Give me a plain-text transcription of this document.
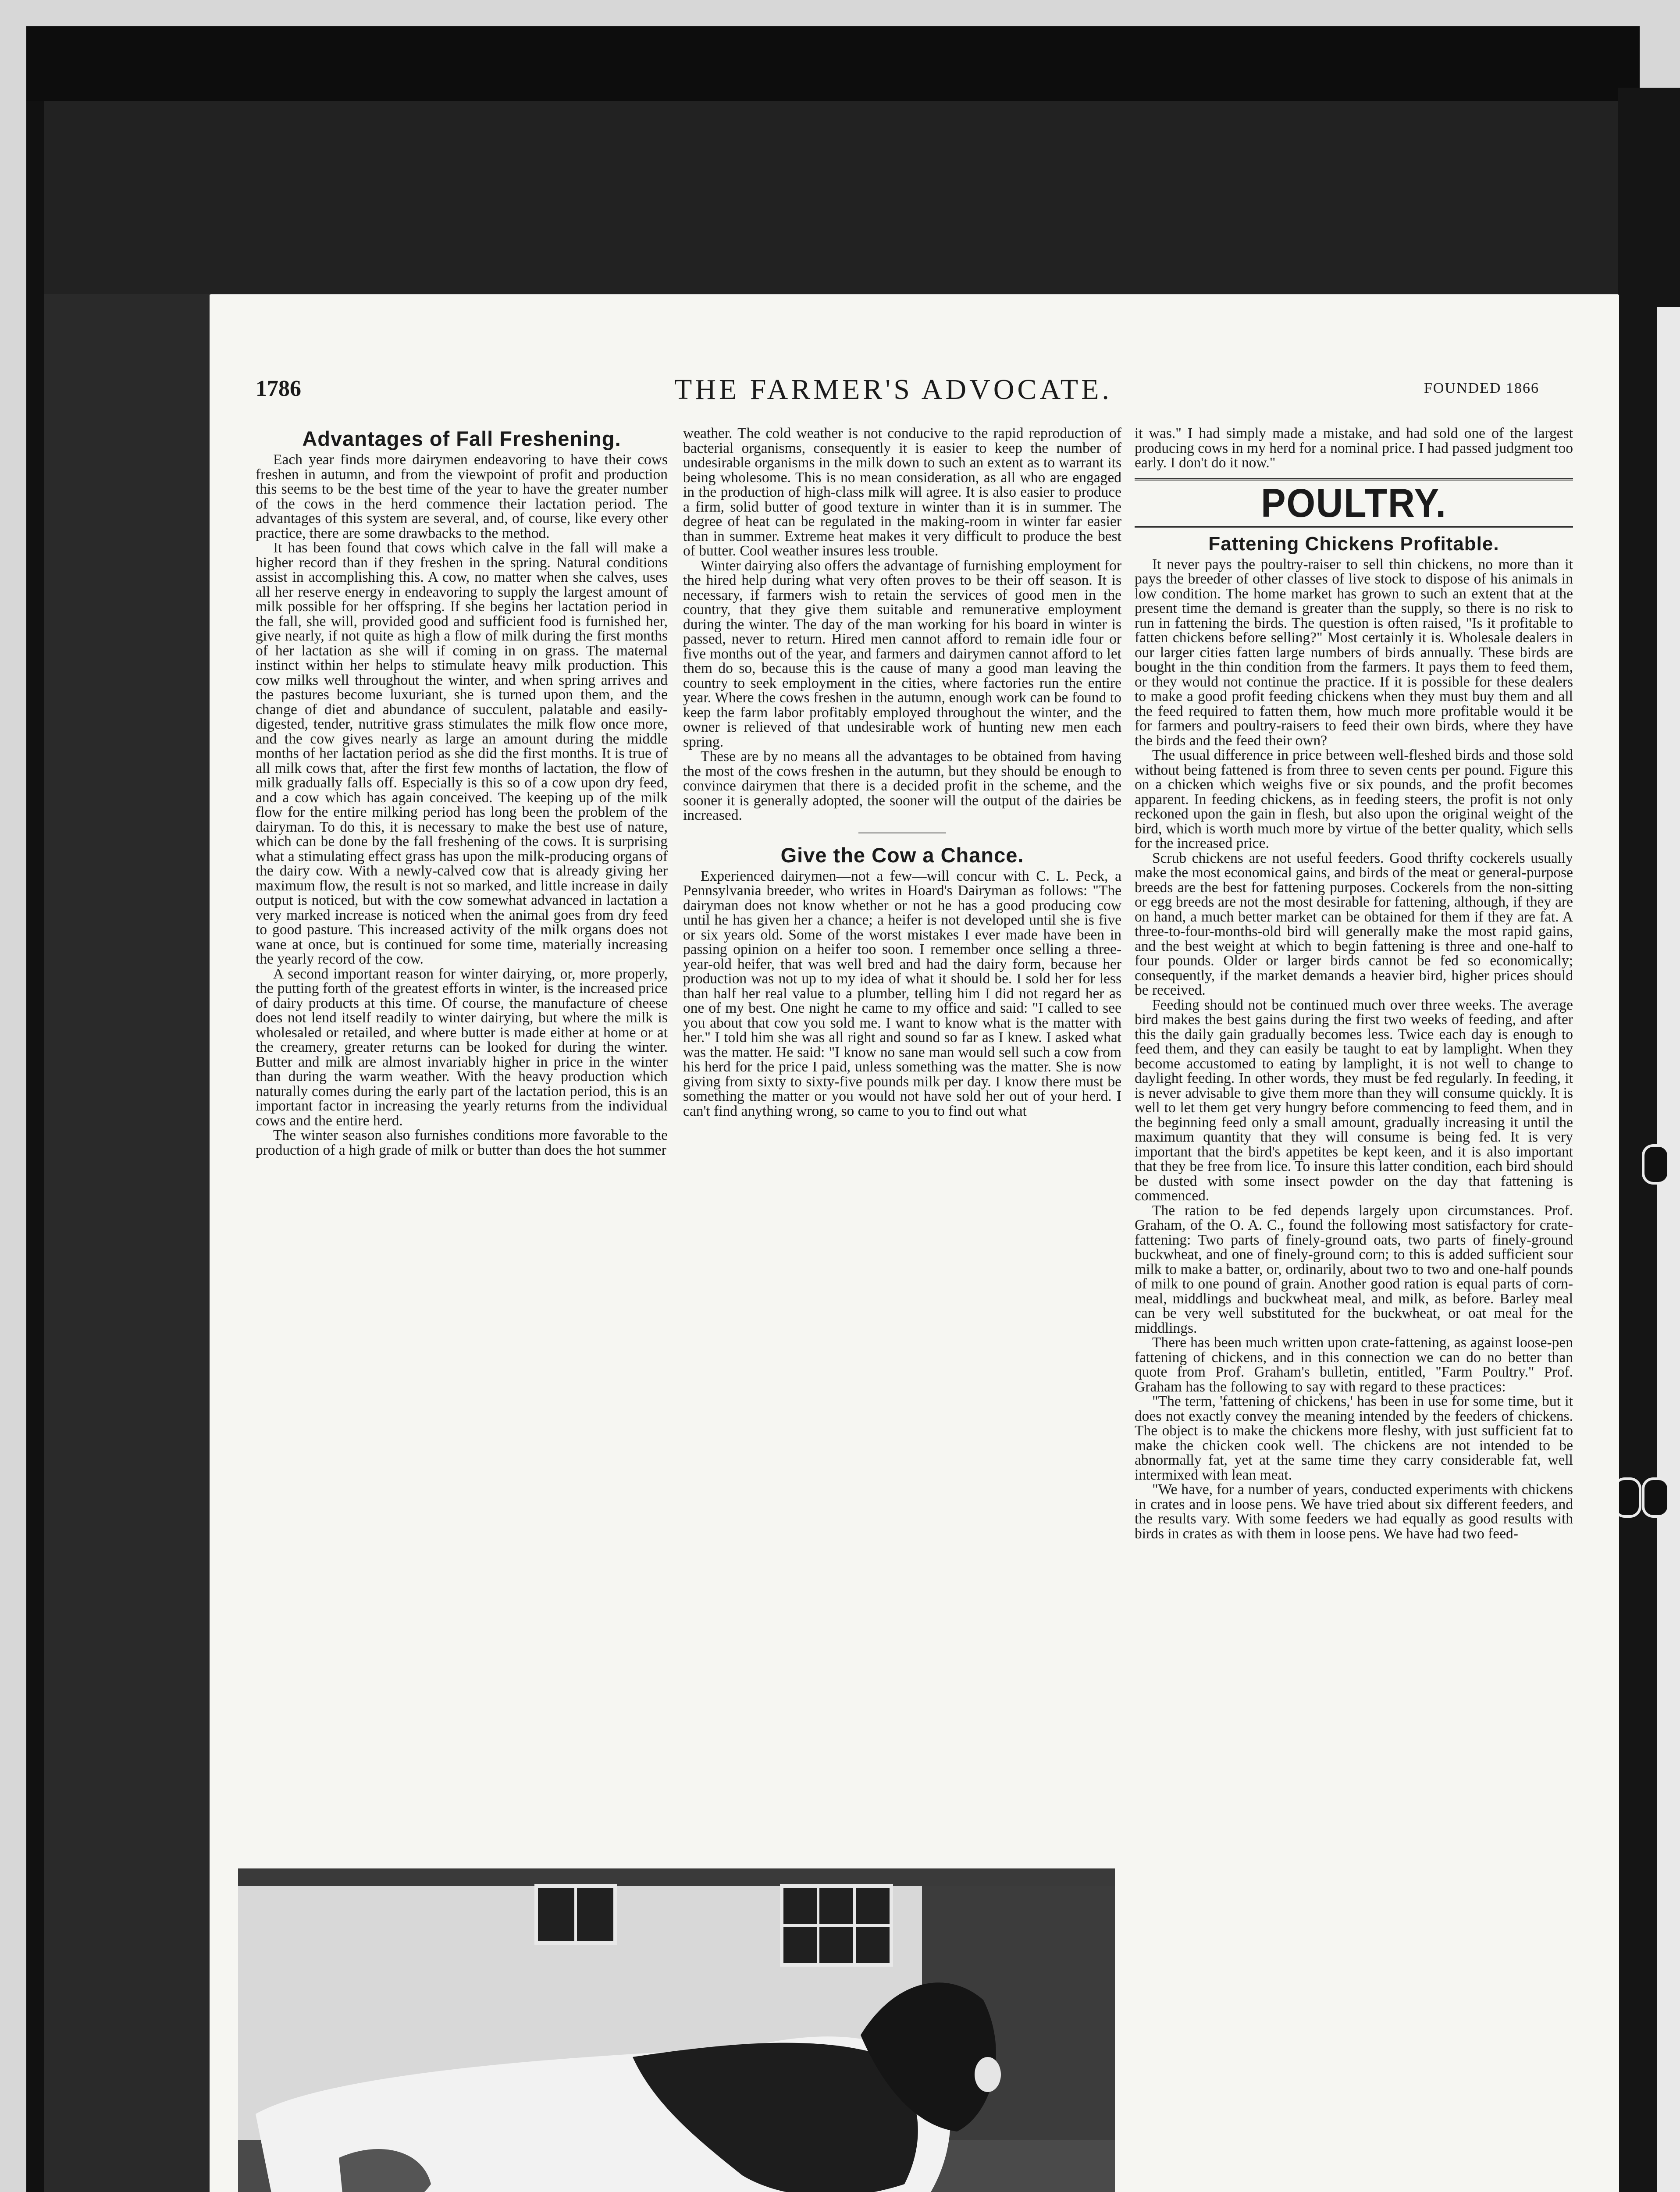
1786	THE FARMER'S ADVOCATE.	FOUNDED 1866
Advantages of Fall Freshening.

Each year finds more dairymen endeavoring to have their cows freshen in autumn, and from the viewpoint of profit and production this seems to be the best time of the year to have the greater number of the cows in the herd commence their lactation period. The advantages of this system are several, and, of course, like every other practice, there are some drawbacks to the method.

It has been found that cows which calve in the fall will make a higher record than if they freshen in the spring. Natural conditions assist in accomplishing this. A cow, no matter when she calves, uses all her reserve energy in endeavoring to supply the largest amount of milk possible for her offspring. If she begins her lactation period in the fall, she will, provided good and sufficient food is furnished her, give nearly, if not quite as high a flow of milk during the first months of her lactation as she will if coming in on grass. The maternal instinct within her helps to stimulate heavy milk production. This cow milks well throughout the winter, and when spring arrives and the pastures become luxuriant, she is turned upon them, and the change of diet and abundance of succulent, palatable and easily-digested, tender, nutritive grass stimulates the milk flow once more, and the cow gives nearly as large an amount during the middle months of her lactation period as she did the first months. It is true of all milk cows that, after the first few months of lactation, the flow of milk gradually falls off. Especially is this so of a cow upon dry feed, and a cow which has again conceived. The keeping up of the milk flow for the entire milking period has long been the problem of the dairyman. To do this, it is necessary to make the best use of nature, which can be done by the fall freshening of the cows. It is surprising what a stimulating effect grass has upon the milk-producing organs of the dairy cow. With a newly-calved cow that is already giving her maximum flow, the result is not so marked, and little increase in daily output is noticed, but with the cow somewhat advanced in lactation a very marked increase is noticed when the animal goes from dry feed to good pasture. This increased activity of the milk organs does not wane at once, but is continued for some time, materially increasing the yearly record of the cow.

A second important reason for winter dairying, or, more properly, the putting forth of the greatest efforts in winter, is the increased price of dairy products at this time. Of course, the manufacture of cheese does not lend itself readily to winter dairying, but where the milk is wholesaled or retailed, and where butter is made either at home or at the creamery, greater returns can be looked for during the winter. Butter and milk are almost invariably higher in price in the winter than during the warm weather. With the heavy production which naturally comes during the early part of the lactation period, this is an important factor in increasing the yearly returns from the individual cows and the entire herd.

The winter season also furnishes conditions more favorable to the production of a high grade of milk or butter than does the hot summer

weather. The cold weather is not conducive to the rapid reproduction of bacterial organisms, consequently it is easier to keep the number of undesirable organisms in the milk down to such an extent as to warrant its being wholesome. This is no mean consideration, as all who are engaged in the production of high-class milk will agree. It is also easier to produce a firm, solid butter of good texture in winter than it is in summer. The degree of heat can be regulated in the making-room in winter far easier than in summer. Extreme heat makes it very difficult to produce the best of butter. Cool weather insures less trouble.

Winter dairying also offers the advantage of furnishing employment for the hired help during what very often proves to be their off season. It is necessary, if farmers wish to retain the services of good men in the country, that they give them suitable and remunerative employment during the winter. The day of the man working for his board in winter is passed, never to return. Hired men cannot afford to remain idle four or five months out of the year, and farmers and dairymen cannot afford to let them do so, because this is the cause of many a good man leaving the country to seek employment in the cities, where factories run the entire year. Where the cows freshen in the autumn, enough work can be found to keep the farm labor profitably employed throughout the winter, and the owner is relieved of that undesirable work of hunting new men each spring.

These are by no means all the advantages to be obtained from having the most of the cows freshen in the autumn, but they should be enough to convince dairymen that there is a decided profit in the scheme, and the sooner it is generally adopted, the sooner will the output of the dairies be increased.

Give the Cow a Chance.

Experienced dairymen—not a few—will concur with C. L. Peck, a Pennsylvania breeder, who writes in Hoard's Dairyman as follows: "The dairyman does not know whether or not he has a good producing cow until he has given her a chance; a heifer is not developed until she is five or six years old. Some of the worst mistakes I ever made have been in passing opinion on a heifer too soon. I remember once selling a three-year-old heifer, that was well bred and had the dairy form, because her production was not up to my idea of what it should be. I sold her for less than half her real value to a plumber, telling him I did not regard her as one of my best. One night he came to my office and said: "I called to see you about that cow you sold me. I want to know what is the matter with her." I told him she was all right and sound so far as I knew. I asked what was the matter. He said: "I know no sane man would sell such a cow from his herd for the price I paid, unless something was the matter. She is now giving from sixty to sixty-five pounds milk per day. I know there must be something the matter or you would not have sold her out of your herd. I can't find anything wrong, so came to you to find out what

it was." I had simply made a mistake, and had sold one of the largest producing cows in my herd for a nominal price. I had passed judgment too early. I don't do it now."

POULTRY.
Fattening Chickens Profitable.

It never pays the poultry-raiser to sell thin chickens, no more than it pays the breeder of other classes of live stock to dispose of his animals in low condition. The home market has grown to such an extent that at the present time the demand is greater than the supply, so there is no risk to run in fattening the birds. The question is often raised, "Is it profitable to fatten chickens before selling?" Most certainly it is. Wholesale dealers in our larger cities fatten large numbers of birds annually. These birds are bought in the thin condition from the farmers. It pays them to feed them, or they would not continue the practice. If it is possible for these dealers to make a good profit feeding chickens when they must buy them and all the feed required to fatten them, how much more profitable would it be for farmers and poultry-raisers to feed their own birds, where they have the birds and the feed their own?

The usual difference in price between well-fleshed birds and those sold without being fattened is from three to seven cents per pound. Figure this on a chicken which weighs five or six pounds, and the profit becomes apparent. In feeding chickens, as in feeding steers, the profit is not only reckoned upon the gain in flesh, but also upon the original weight of the bird, which is worth much more by virtue of the better quality, which sells for the increased price.

Scrub chickens are not useful feeders. Good thrifty cockerels usually make the most economical gains, and birds of the meat or general-purpose breeds are the best for fattening purposes. Cockerels from the non-sitting or egg breeds are not the most desirable for fattening, although, if they are on hand, a much better market can be obtained for them if they are fat. A three-to-four-months-old bird will generally make the most rapid gains, and the best weight at which to begin fattening is three and one-half to four pounds. Older or larger birds cannot be fed so economically; consequently, if the market demands a heavier bird, higher prices should be received.

Feeding should not be continued much over three weeks. The average bird makes the best gains during the first two weeks of feeding, and after this the daily gain gradually becomes less. Twice each day is enough to feed them, and they can easily be taught to eat by lamplight. When they become accustomed to eating by lamplight, it is not well to change to daylight feeding. In other words, they must be fed regularly. In feeding, it is never advisable to give them more than they will consume quickly. It is well to let them get very hungry before commencing to feed them, and in the beginning feed only a small amount, gradually increasing it until the maximum quantity that they will consume is being fed. It is very important that the bird's appetites be kept keen, and it is also important that they be free from lice. To insure this latter condition, each bird should be dusted with some insect powder on the day that fattening is commenced.

The ration to be fed depends largely upon circumstances. Prof. Graham, of the O. A. C., found the following most satisfactory for crate-fattening: Two parts of finely-ground oats, two parts of finely-ground buckwheat, and one of finely-ground corn; to this is added sufficient sour milk to make a batter, or, ordinarily, about two to two and one-half pounds of milk to one pound of grain. Another good ration is equal parts of corn-meal, middlings and buckwheat meal, and milk, as before. Barley meal can be very well substituted for the buckwheat, or oat meal for the middlings.

There has been much written upon crate-fattening, as against loose-pen fattening of chickens, and in this connection we can do no better than quote from Prof. Graham's bulletin, entitled, "Farm Poultry." Prof. Graham has the following to say with regard to these practices:

"The term, 'fattening of chickens,' has been in use for some time, but it does not exactly convey the meaning intended by the feeders of chickens. The object is to make the chickens more fleshy, with just sufficient fat to make the chicken cook well. The chickens are not intended to be abnormally fat, yet at the same time they carry considerable fat, well intermixed with lean meat.

"We have, for a number of years, conducted experiments with chickens in crates and in loose pens. We have tried about six different feeders, and the results vary. With some feeders we had equally as good results with birds in crates as with them in loose pens. We have had two feed-
